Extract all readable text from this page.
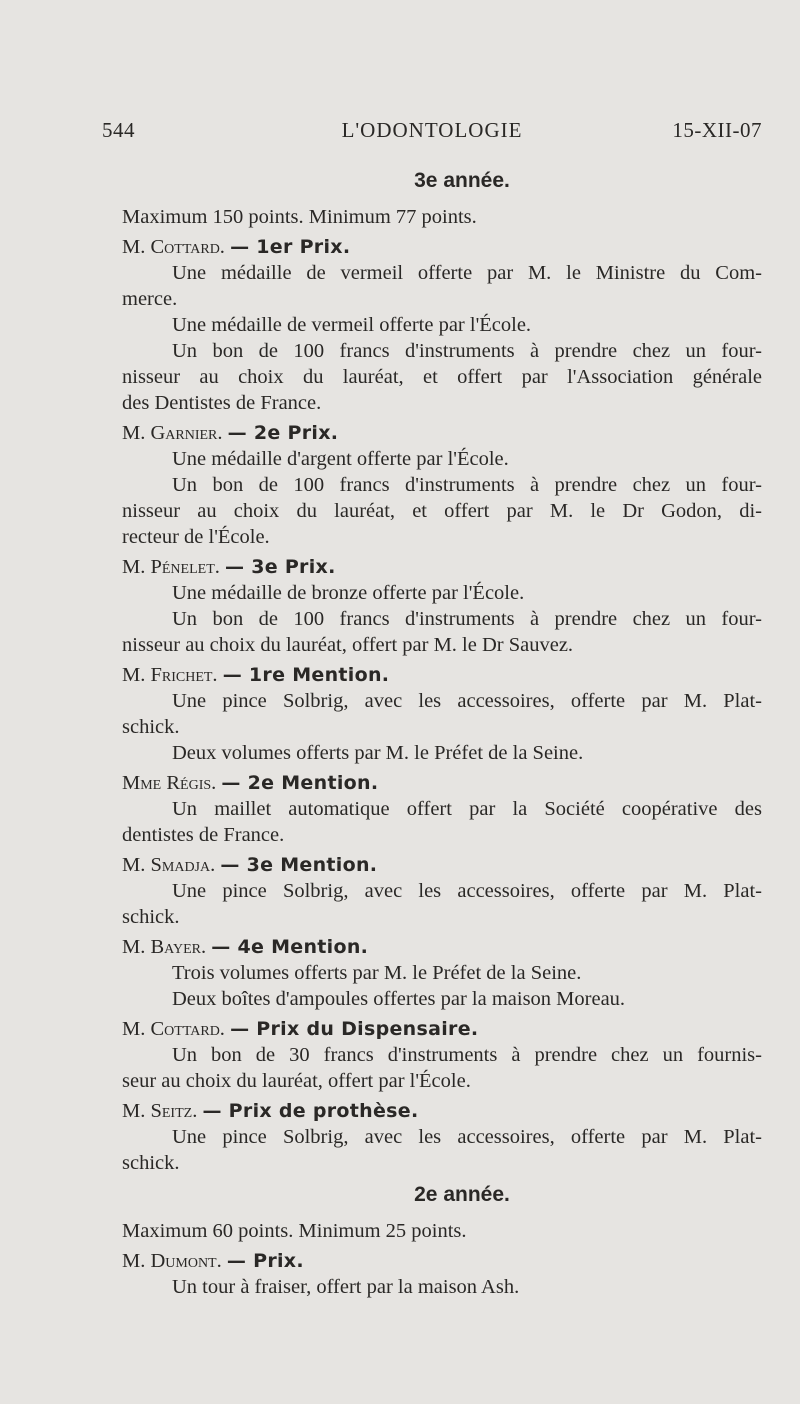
544	L'ODONTOLOGIE	15-XII-07
3e année.

Maximum 150 points. Minimum 77 points.

M. Cottard. — 1er Prix.

Une médaille de vermeil offerte par M. le Ministre du Com-

merce.

Une médaille de vermeil offerte par l'École.

Un bon de 100 francs d'instruments à prendre chez un four-

nisseur au choix du lauréat, et offert par l'Association générale

des Dentistes de France.

M. Garnier. — 2e Prix.

Une médaille d'argent offerte par l'École.

Un bon de 100 francs d'instruments à prendre chez un four-

nisseur au choix du lauréat, et offert par M. le Dr Godon, di-

recteur de l'École.

M. Pénelet. — 3e Prix.

Une médaille de bronze offerte par l'École.

Un bon de 100 francs d'instruments à prendre chez un four-

nisseur au choix du lauréat, offert par M. le Dr Sauvez.

M. Frichet. — 1re Mention.

Une pince Solbrig, avec les accessoires, offerte par M. Plat-

schick.

Deux volumes offerts par M. le Préfet de la Seine.

Mme Régis. — 2e Mention.

Un maillet automatique offert par la Société coopérative des

dentistes de France.

M. Smadja. — 3e Mention.

Une pince Solbrig, avec les accessoires, offerte par M. Plat-

schick.

M. Bayer. — 4e Mention.

Trois volumes offerts par M. le Préfet de la Seine.

Deux boîtes d'ampoules offertes par la maison Moreau.

M. Cottard. — Prix du Dispensaire.

Un bon de 30 francs d'instruments à prendre chez un fournis-

seur au choix du lauréat, offert par l'École.

M. Seitz. — Prix de prothèse.

Une pince Solbrig, avec les accessoires, offerte par M. Plat-

schick.

2e année.

Maximum 60 points. Minimum 25 points.

M. Dumont. — Prix.

Un tour à fraiser, offert par la maison Ash.
